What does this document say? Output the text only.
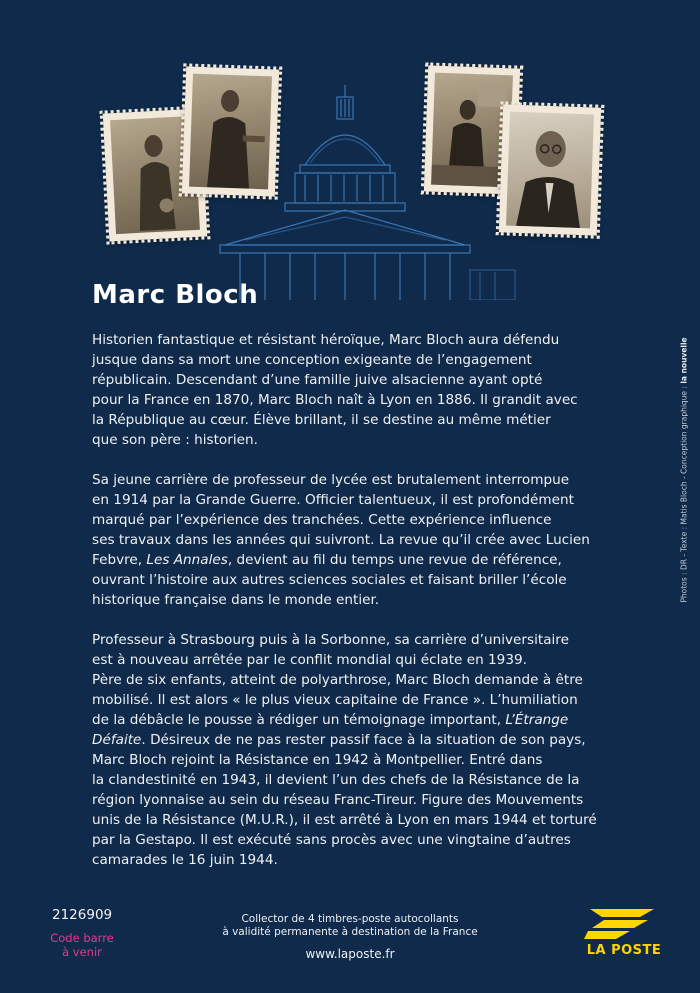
Marc Bloch

Historien fantastique et résistant héroïque, Marc Bloch aura défendu
jusque dans sa mort une conception exigeante de l’engagement
républicain. Descendant d’une famille juive alsacienne ayant opté
pour la France en 1870, Marc Bloch naît à Lyon en 1886. Il grandit avec
la République au cœur. Élève brillant, il se destine au même métier
que son père : historien.

Sa jeune carrière de professeur de lycée est brutalement interrompue
en 1914 par la Grande Guerre. Officier talentueux, il est profondément
marqué par l’expérience des tranchées. Cette expérience influence
ses travaux dans les années qui suivront. La revue qu’il crée avec Lucien
Febvre, Les Annales, devient au fil du temps une revue de référence,
ouvrant l’histoire aux autres sciences sociales et faisant briller l’école
historique française dans le monde entier.

Professeur à Strasbourg puis à la Sorbonne, sa carrière d’universitaire
est à nouveau arrêtée par le conflit mondial qui éclate en 1939.
Père de six enfants, atteint de polyarthrose, Marc Bloch demande à être
mobilisé. Il est alors « le plus vieux capitaine de France ». L’humiliation
de la débâcle le pousse à rédiger un témoignage important, L’Étrange
Défaite. Désireux de ne pas rester passif face à la situation de son pays,
Marc Bloch rejoint la Résistance en 1942 à Montpellier. Entré dans
la clandestinité en 1943, il devient l’un des chefs de la Résistance de la
région lyonnaise au sein du réseau Franc-Tireur. Figure des Mouvements
unis de la Résistance (M.U.R.), il est arrêté à Lyon en mars 1944 et torturé
par la Gestapo. Il est exécuté sans procès avec une vingtaine d’autres
camarades le 16 juin 1944.

Photos : DR - Texte : Matis Bloch - Conception graphique : la nouvelle
2126909
Code barre
à venir
Collector de 4 timbres-poste autocollants
à validité permanente à destination de la France
www.laposte.fr	LA POSTE
